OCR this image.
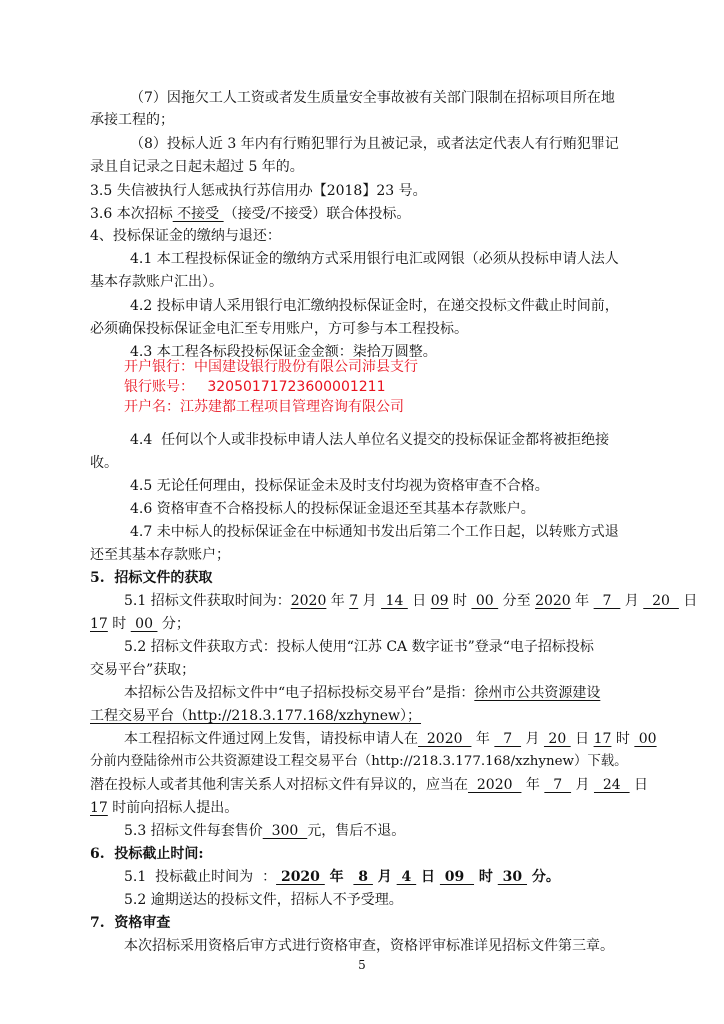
（7）因拖欠工人工资或者发生质量安全事故被有关部门限制在招标项目所在地
承接工程的；
（8）投标人近 3 年内有行贿犯罪行为且被记录，或者法定代表人有行贿犯罪记
录且自记录之日起未超过 5 年的。
3.5 失信被执行人惩戒执行苏信用办【2018】23 号。
3.6 本次招标 不接受 （接受/不接受）联合体投标。
4、投标保证金的缴纳与退还：
4.1 本工程投标保证金的缴纳方式采用银行电汇或网银（必须从投标申请人法人
基本存款账户汇出）。
4.2 投标申请人采用银行电汇缴纳投标保证金时，在递交投标文件截止时间前，
必须确保投标保证金电汇至专用账户，方可参与本工程投标。
4.3 本工程各标段投标保证金金额：柒拾万圆整。
开户银行：中国建设银行股份有限公司沛县支行
银行账号：   32050171723600001211
开户名：江苏建都工程项目管理咨询有限公司
4.4  任何以个人或非投标申请人法人单位名义提交的投标保证金都将被拒绝接
收。
4.5 无论任何理由，投标保证金未及时支付均视为资格审查不合格。
4.6 资格审查不合格投标人的投标保证金退还至其基本存款账户。
4.7 未中标人的投标保证金在中标通知书发出后第二个工作日起，以转账方式退
还至其基本存款账户；
5.  招标文件的获取
5.1 招标文件获取时间为：2020 年 7 月  14  日 09 时  00  分至 2020 年   7   月   20   日
17 时  00  分；
5.2 招标文件获取方式：投标人使用“江苏 CA 数字证书”登录“电子招标投标
交易平台”获取；
本招标公告及招标文件中“电子招标投标交易平台”是指：徐州市公共资源建设
工程交易平台（http://218.3.177.168/xzhynew）；
本工程招标文件通过网上发售，请投标申请人在  2020   年   7   月  20  日 17 时  00
分前内登陆徐州市公共资源建设工程交易平台（http://218.3.177.168/xzhynew）下载。
潜在投标人或者其他利害关系人对招标文件有异议的，应当在  2020   年   7   月   24   日
17 时前向招标人提出。
5.3 招标文件每套售价  300  元，售后不退。
6.  投标截止时间:
5.1  投标截止时间为  ： 2020  年   8  月  4  日  09   时  30  分。
5.2 逾期送达的投标文件，招标人不予受理。
7.  资格审查
本次招标采用资格后审方式进行资格审查，资格评审标准详见招标文件第三章。
5
